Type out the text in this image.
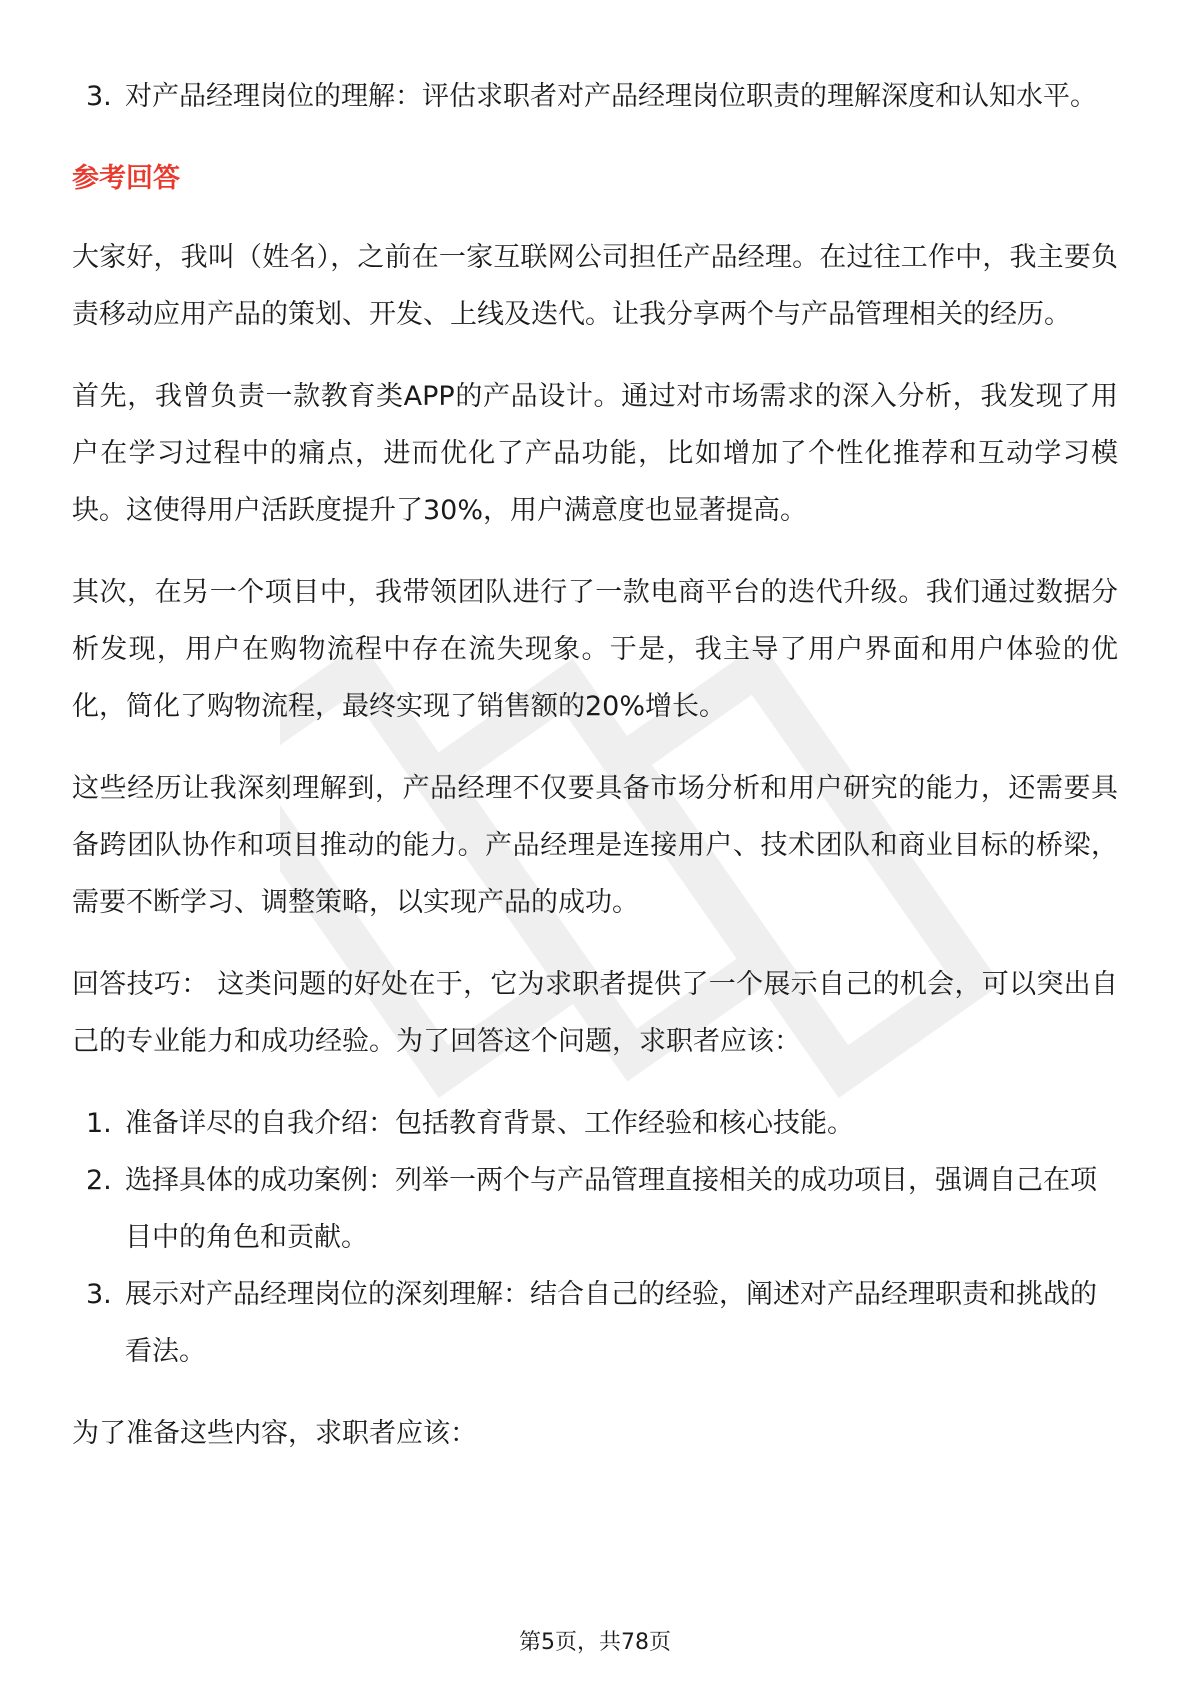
3. 对产品经理岗位的理解：评估求职者对产品经理岗位职责的理解深度和认知水平。
参考回答

大家好，我叫（姓名），之前在一家互联网公司担任产品经理。在过往工作中，我主要负责移动应用产品的策划、开发、上线及迭代。让我分享两个与产品管理相关的经历。

首先，我曾负责一款教育类APP的产品设计。通过对市场需求的深入分析，我发现了用户在学习过程中的痛点，进而优化了产品功能，比如增加了个性化推荐和互动学习模块。这使得用户活跃度提升了30%，用户满意度也显著提高。

其次，在另一个项目中，我带领团队进行了一款电商平台的迭代升级。我们通过数据分析发现，用户在购物流程中存在流失现象。于是，我主导了用户界面和用户体验的优化，简化了购物流程，最终实现了销售额的20%增长。

这些经历让我深刻理解到，产品经理不仅要具备市场分析和用户研究的能力，还需要具备跨团队协作和项目推动的能力。产品经理是连接用户、技术团队和商业目标的桥梁，需要不断学习、调整策略，以实现产品的成功。

回答技巧： 这类问题的好处在于，它为求职者提供了一个展示自己的机会，可以突出自己的专业能力和成功经验。为了回答这个问题，求职者应该：

1. 准备详尽的自我介绍：包括教育背景、工作经验和核心技能。
2. 选择具体的成功案例：列举一两个与产品管理直接相关的成功项目，强调自己在项目中的角色和贡献。
3. 展示对产品经理岗位的深刻理解：结合自己的经验，阐述对产品经理职责和挑战的看法。

为了准备这些内容，求职者应该：

第5页，共78页
